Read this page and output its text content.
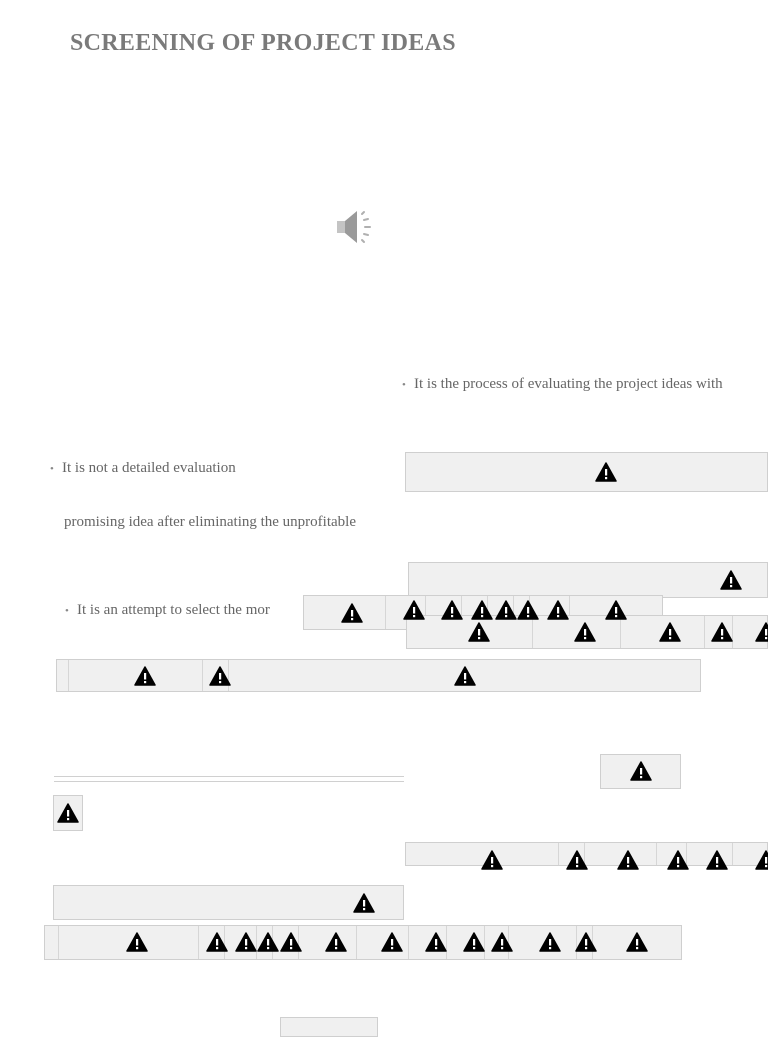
SCREENING OF PROJECT IDEAS
• It is the process of evaluating the project ideas with
• It is not a detailed evaluation
promising idea after eliminating the unprofitable
• It is an attempt to select the mor
